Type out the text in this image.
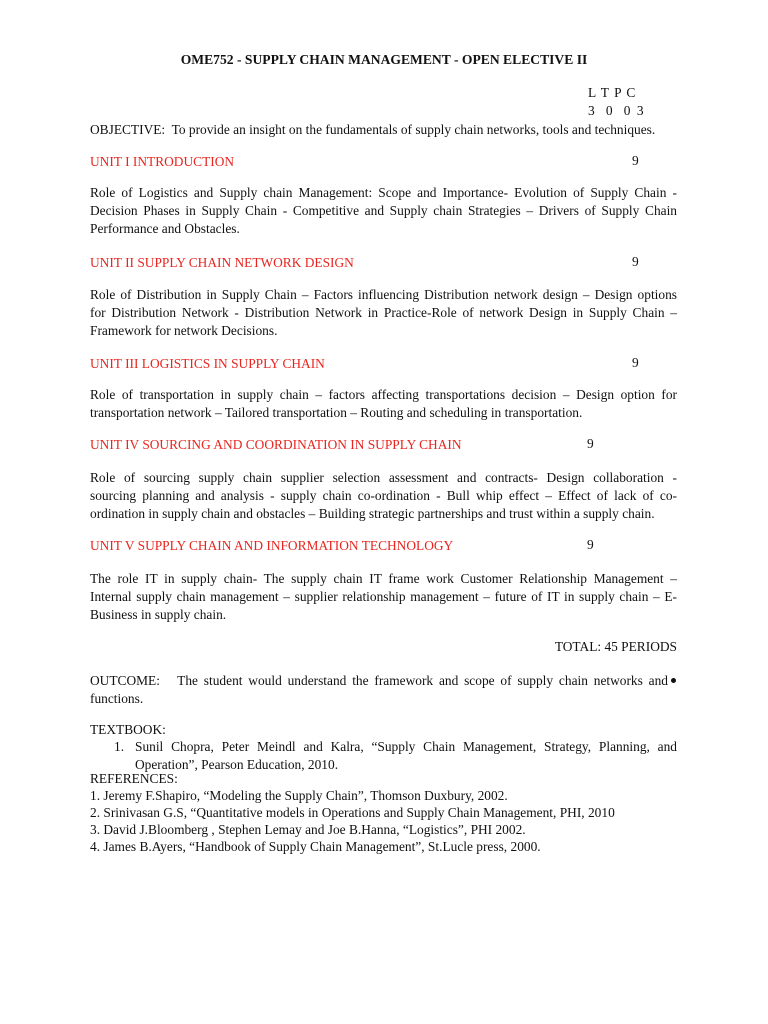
OME752 - SUPPLY CHAIN MANAGEMENT - OPEN ELECTIVE II
L T P C
3  0  0 3
OBJECTIVE:  To provide an insight on the fundamentals of supply chain networks, tools and techniques.
UNIT I INTRODUCTION	9
Role of Logistics and Supply chain Management: Scope and Importance- Evolution of Supply Chain -
Decision Phases in Supply Chain - Competitive and Supply chain Strategies – Drivers of Supply Chain
Performance and Obstacles.
UNIT II SUPPLY CHAIN NETWORK DESIGN	9
Role of Distribution in Supply Chain – Factors influencing Distribution network design – Design options
for Distribution Network - Distribution Network in Practice-Role of network Design in Supply Chain –
Framework for network Decisions.
UNIT III LOGISTICS IN SUPPLY CHAIN	9
Role of transportation in supply chain – factors affecting transportations decision – Design option for
transportation network – Tailored transportation – Routing and scheduling in transportation.
UNIT IV SOURCING AND COORDINATION IN SUPPLY CHAIN	9
Role of sourcing supply chain supplier selection assessment and contracts- Design collaboration -
sourcing planning and analysis - supply chain co-ordination - Bull whip effect – Effect of lack of co-
ordination in supply chain and obstacles – Building strategic partnerships and trust within a supply chain.
UNIT V SUPPLY CHAIN AND INFORMATION TECHNOLOGY	9
The role IT in supply chain- The supply chain IT frame work Customer Relationship Management –
Internal supply chain management – supplier relationship management – future of IT in supply chain – E-
Business in supply chain.
TOTAL: 45 PERIODS
OUTCOME:   The student would understand the framework and scope of supply chain networks and
functions.
TEXTBOOK:
1. Sunil Chopra, Peter Meindl and Kalra, “Supply Chain Management, Strategy, Planning, and
Operation”, Pearson Education, 2010.
REFERENCES:
1. Jeremy F.Shapiro, “Modeling the Supply Chain”, Thomson Duxbury, 2002.
2. Srinivasan G.S, “Quantitative models in Operations and Supply Chain Management, PHI, 2010
3. David J.Bloomberg , Stephen Lemay and Joe B.Hanna, “Logistics”, PHI 2002.
4. James B.Ayers, “Handbook of Supply Chain Management”, St.Lucle press, 2000.
